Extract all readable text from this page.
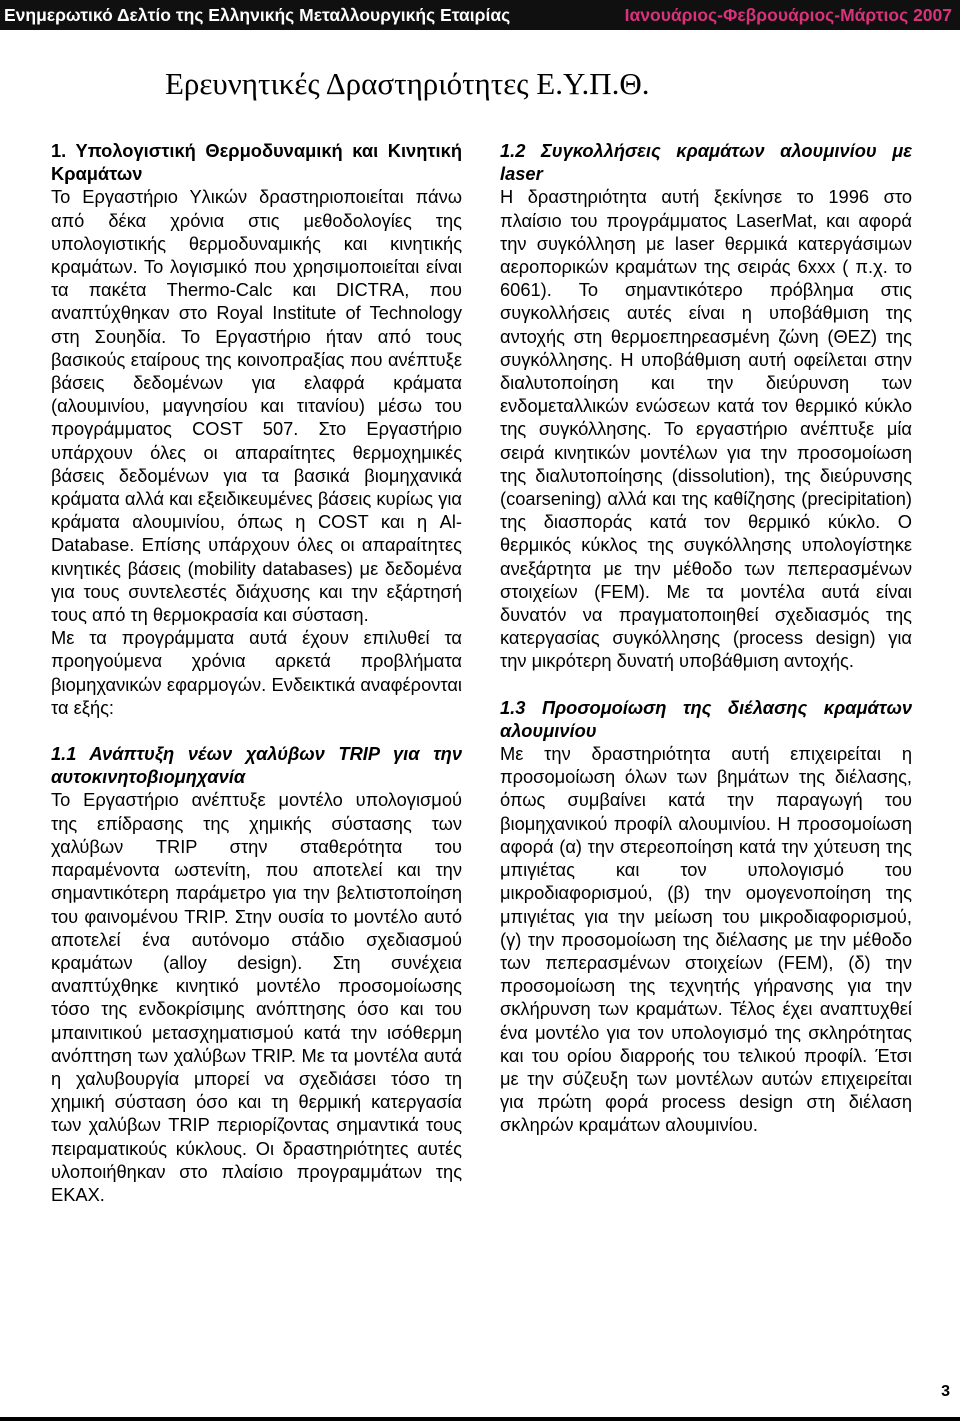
Ενημερωτικό Δελτίο της Ελληνικής Μεταλλουργικής Εταιρίας	Ιανουάριος-Φεβρουάριος-Μάρτιος 2007
Ερευνητικές Δραστηριότητες Ε.Υ.Π.Θ.

1. Υπολογιστική Θερμοδυναμική και Κινητική Κραμάτων

Το Εργαστήριο Υλικών δραστηριοποιείται πάνω από δέκα χρόνια στις μεθοδολογίες της υπολογιστικής θερμοδυναμικής και κινητικής κραμάτων. Το λογισμικό που χρησιμοποιείται είναι τα πακέτα Thermo-Calc και DICTRA, που αναπτύχθηκαν στο Royal Institute of Technology στη Σουηδία. Το Εργαστήριο ήταν από τους βασικούς εταίρους της κοινοπραξίας που ανέπτυξε βάσεις δεδομένων για ελαφρά κράματα (αλουμινίου, μαγνησίου και τιτανίου) μέσω του προγράμματος COST 507. Στο Εργαστήριο υπάρχουν όλες οι απαραίτητες θερμοχημικές βάσεις δεδομένων για τα βασικά βιομηχανικά κράματα αλλά και εξειδικευμένες βάσεις κυρίως για κράματα αλουμινίου, όπως η COST και η Al-Database. Επίσης υπάρχουν όλες οι απαραίτητες κινητικές βάσεις (mobility databases) με δεδομένα για τους συντελεστές διάχυσης και την εξάρτησή τους από τη θερμοκρασία και σύσταση.

Με τα προγράμματα αυτά έχουν επιλυθεί τα προηγούμενα χρόνια αρκετά προβλήματα βιομηχανικών εφαρμογών. Ενδεικτικά αναφέρονται τα εξής:

1.1 Ανάπτυξη νέων χαλύβων TRIP για την αυτοκινητοβιομηχανία

Το Εργαστήριο ανέπτυξε μοντέλο υπολογισμού της επίδρασης της χημικής σύστασης των χαλύβων TRIP στην σταθερότητα του παραμένοντα ωστενίτη, που αποτελεί και την σημαντικότερη παράμετρο για την βελτιστοποίηση του φαινομένου TRIP. Στην ουσία το μοντέλο αυτό αποτελεί ένα αυτόνομο στάδιο σχεδιασμού κραμάτων (alloy design). Στη συνέχεια αναπτύχθηκε κινητικό μοντέλο προσομοίωσης τόσο της ενδοκρίσιμης ανόπτησης όσο και του μπαινιτικού μετασχηματισμού κατά την ισόθερμη ανόπτηση των χαλύβων TRIP. Με τα μοντέλα αυτά η χαλυβουργία μπορεί να σχεδιάσει τόσο τη χημική σύσταση όσο και τη θερμική κατεργασία των χαλύβων TRIP περιορίζοντας σημαντικά τους πειραματικούς κύκλους. Οι δραστηριότητες αυτές υλοποιήθηκαν στο πλαίσιο προγραμμάτων της ΕΚΑΧ.

1.2 Συγκολλήσεις κραμάτων αλουμινίου με laser

Η δραστηριότητα αυτή ξεκίνησε το 1996 στο πλαίσιο του προγράμματος LaserMat, και αφορά την συγκόλληση με laser θερμικά κατεργάσιμων αεροπορικών κραμάτων της σειράς 6xxx ( π.χ. το 6061). Το σημαντικότερο πρόβλημα στις συγκολλήσεις αυτές είναι η υποβάθμιση της αντοχής στη θερμοεπηρεασμένη ζώνη (ΘΕΖ) της συγκόλλησης. Η υποβάθμιση αυτή οφείλεται στην διαλυτοποίηση και την διεύρυνση των ενδομεταλλικών ενώσεων κατά τον θερμικό κύκλο της συγκόλλησης. Το εργαστήριο ανέπτυξε μία σειρά κινητικών μοντέλων για την προσομοίωση της διαλυτοποίησης (dissolution), της διεύρυνσης (coarsening) αλλά και της καθίζησης (precipitation) της διασποράς κατά τον θερμικό κύκλο. Ο θερμικός κύκλος της συγκόλλησης υπολογίστηκε ανεξάρτητα με την μέθοδο των πεπερασμένων στοιχείων (FEM). Με τα μοντέλα αυτά είναι δυνατόν να πραγματοποιηθεί σχεδιασμός της κατεργασίας συγκόλλησης (process design) για την μικρότερη δυνατή υποβάθμιση αντοχής.

1.3 Προσομοίωση της διέλασης κραμάτων αλουμινίου

Με την δραστηριότητα αυτή επιχειρείται η προσομοίωση όλων των βημάτων της διέλασης, όπως συμβαίνει κατά την παραγωγή του βιομηχανικού προφίλ αλουμινίου. Η προσομοίωση αφορά (α) την στερεοποίηση κατά την χύτευση της μπιγιέτας και τον υπολογισμό του μικροδιαφορισμού, (β) την ομογενοποίηση της μπιγιέτας για την μείωση του μικροδιαφορισμού, (γ) την προσομοίωση της διέλασης με την μέθοδο των πεπερασμένων στοιχείων (FEM), (δ) την προσομοίωση της τεχνητής γήρανσης για την σκλήρυνση των κραμάτων. Τέλος έχει αναπτυχθεί ένα μοντέλο για τον υπολογισμό της σκληρότητας και του ορίου διαρροής του τελικού προφίλ. Έτσι με την σύζευξη των μοντέλων αυτών επιχειρείται για πρώτη φορά process design στη διέλαση σκληρών κραμάτων αλουμινίου.

3
